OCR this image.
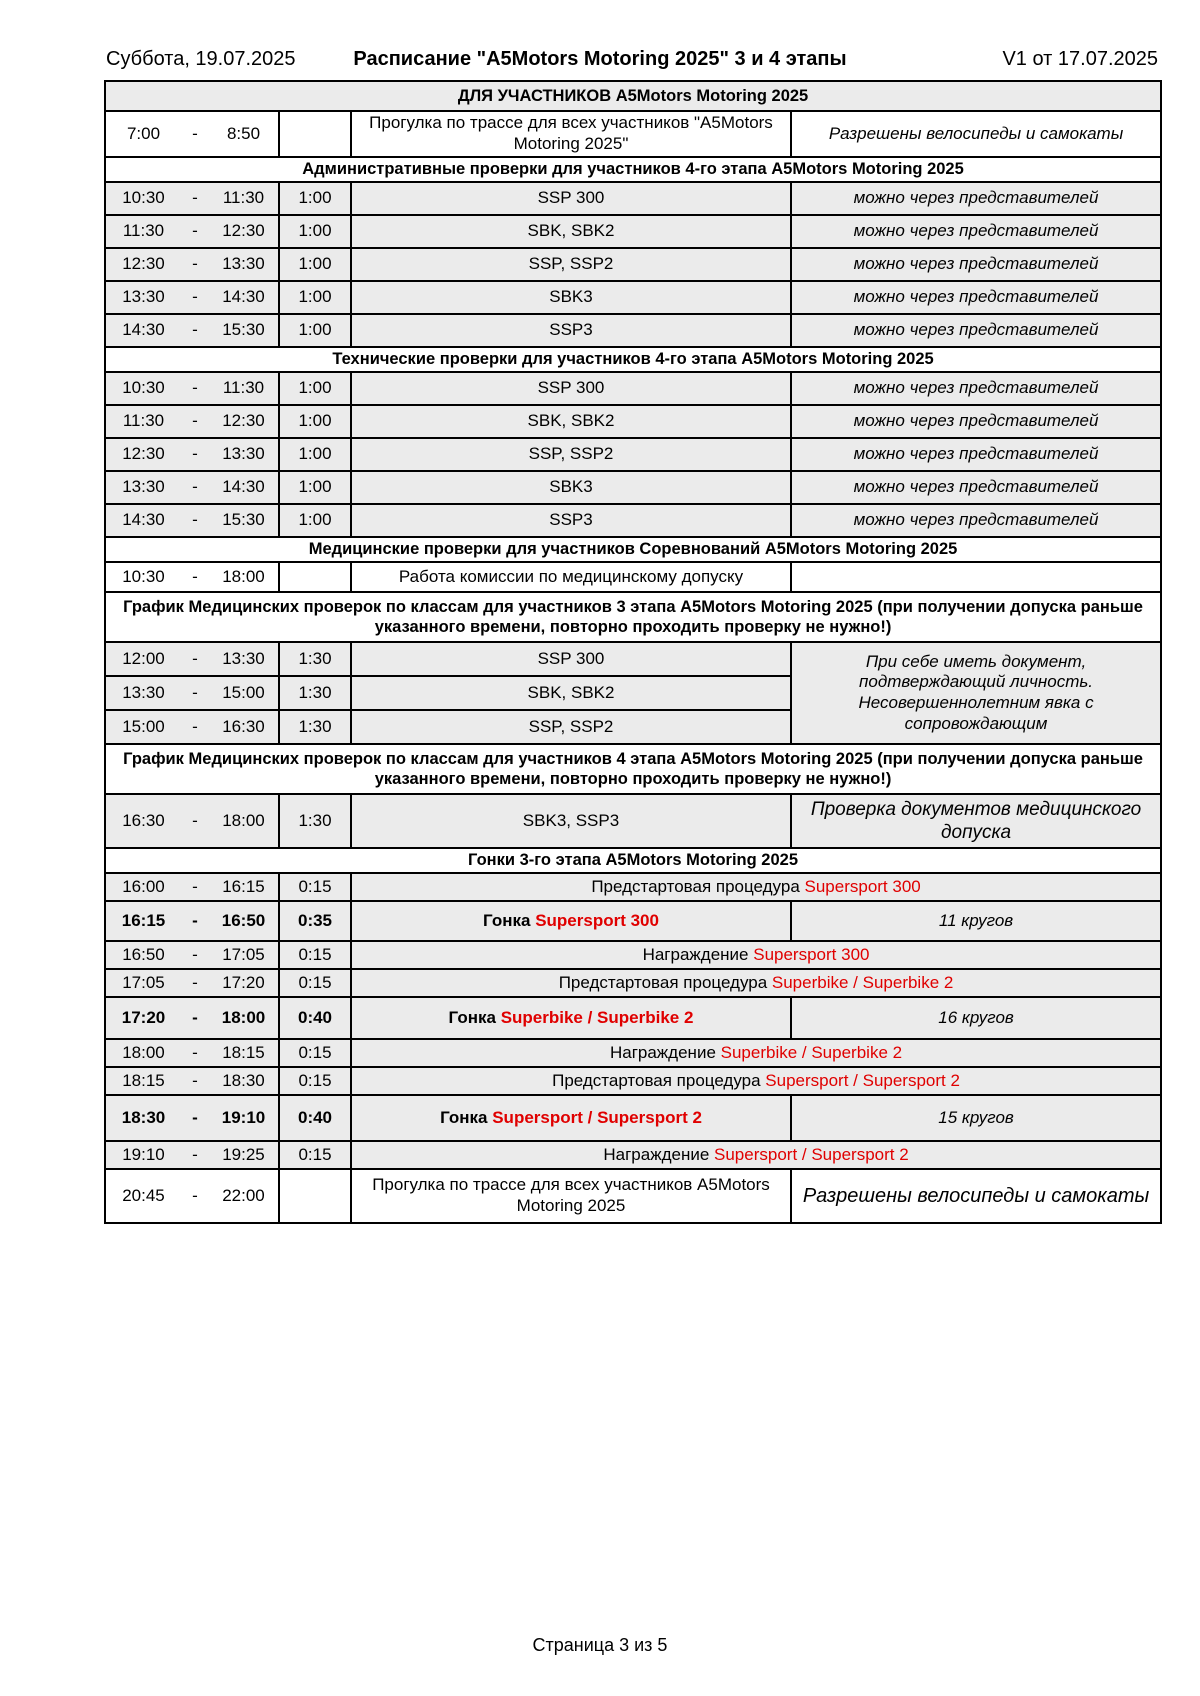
Расписание "A5Motors Motoring 2025" 3 и 4 этапы
Суббота, 19.07.2025	V1 от 17.07.2025
ДЛЯ УЧАСТНИКОВ A5Motors Motoring 2025					
7:00	-	8:50		Прогулка по трассе для всех участников "A5Motors Motoring 2025"	Разрешены велосипеды и самокаты
Административные проверки для участников 4-го этапа A5Motors Motoring 2025					
10:30	-	11:30	1:00	SSP 300	можно через представителей
11:30	-	12:30	1:00	SBK, SBK2	можно через представителей
12:30	-	13:30	1:00	SSP, SSP2	можно через представителей
13:30	-	14:30	1:00	SBK3	можно через представителей
14:30	-	15:30	1:00	SSP3	можно через представителей
Технические проверки для участников 4-го этапа A5Motors Motoring 2025					
10:30	-	11:30	1:00	SSP 300	можно через представителей
11:30	-	12:30	1:00	SBK, SBK2	можно через представителей
12:30	-	13:30	1:00	SSP, SSP2	можно через представителей
13:30	-	14:30	1:00	SBK3	можно через представителей
14:30	-	15:30	1:00	SSP3	можно через представителей
Медицинские проверки для участников Соревнований A5Motors Motoring 2025					
10:30	-	18:00		Работа комиссии по медицинскому допуску	
График Медицинских проверок по классам для участников 3 этапа A5Motors Motoring 2025 (при получении допуска раньше указанного времени, повторно проходить проверку не нужно!)					
12:00	-	13:30	1:30	SSP 300	При себе иметь документ, подтверждающий личность. Несовершеннолетним явка с сопровождающим
13:30	-	15:00	1:30	SBK, SBK2	
15:00	-	16:30	1:30	SSP, SSP2	
График Медицинских проверок по классам для участников 4 этапа A5Motors Motoring 2025 (при получении допуска раньше указанного времени, повторно проходить проверку не нужно!)					
16:30	-	18:00	1:30	SBK3, SSP3	Проверка документов медицинского допуска
Гонки 3-го этапа A5Motors Motoring 2025					
16:00	-	16:15	0:15	Предстартовая процедура Supersport 300	
16:15	-	16:50	0:35	Гонка Supersport 300	11 кругов
16:50	-	17:05	0:15	Награждение Supersport 300	
17:05	-	17:20	0:15	Предстартовая процедура Superbike / Superbike 2	
17:20	-	18:00	0:40	Гонка Superbike / Superbike 2	16 кругов
18:00	-	18:15	0:15	Награждение Superbike / Superbike 2	
18:15	-	18:30	0:15	Предстартовая процедура Supersport / Supersport 2	
18:30	-	19:10	0:40	Гонка Supersport / Supersport 2	15 кругов
19:10	-	19:25	0:15	Награждение Supersport / Supersport 2	
20:45	-	22:00		Прогулка по трассе для всех участников A5Motors Motoring 2025	Разрешены велосипеды и самокаты
Страница 3 из 5
